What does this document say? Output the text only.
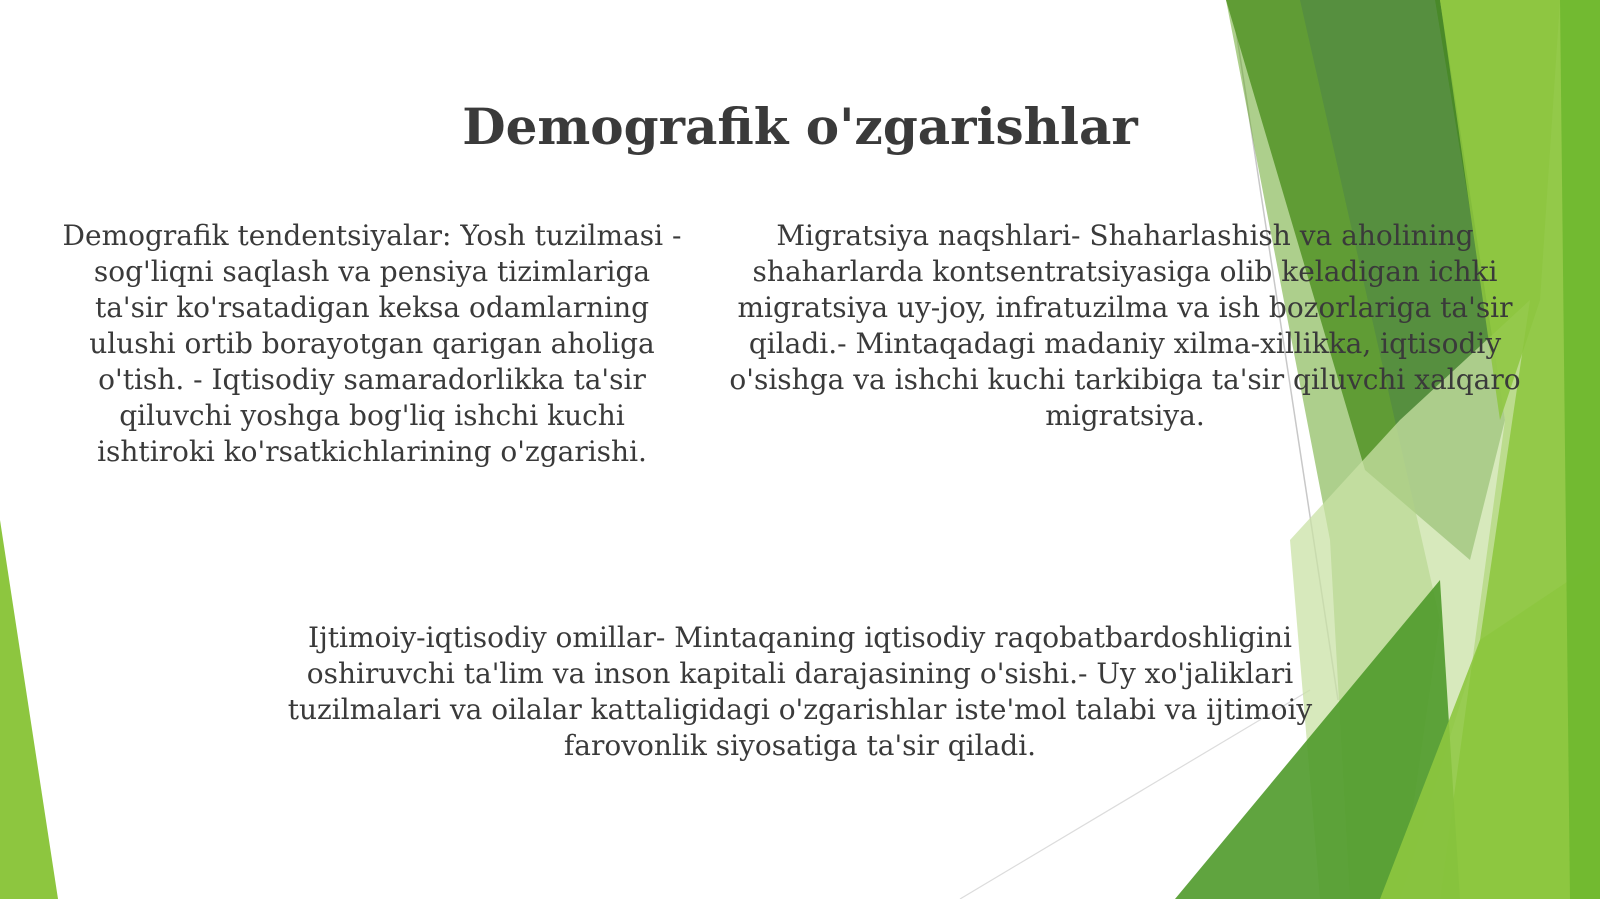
Demografik o'zgarishlar

Demografik tendentsiyalar: Yosh tuzilmasi - sog'liqni saqlash va pensiya tizimlariga ta'sir ko'rsatadigan keksa odamlarning ulushi ortib borayotgan qarigan aholiga o'tish. - Iqtisodiy samaradorlikka ta'sir qiluvchi yoshga bog'liq ishchi kuchi ishtiroki ko'rsatkichlarining o'zgarishi.

Migratsiya naqshlari- Shaharlashish va aholining shaharlarda kontsentratsiyasiga olib keladigan ichki migratsiya uy-joy, infratuzilma va ish bozorlariga ta'sir qiladi.- Mintaqadagi madaniy xilma-xillikka, iqtisodiy o'sishga va ishchi kuchi tarkibiga ta'sir qiluvchi xalqaro migratsiya.

Ijtimoiy-iqtisodiy omillar- Mintaqaning iqtisodiy raqobatbardoshligini oshiruvchi ta'lim va inson kapitali darajasining o'sishi.- Uy xo'jaliklari tuzilmalari va oilalar kattaligidagi o'zgarishlar iste'mol talabi va ijtimoiy farovonlik siyosatiga ta'sir qiladi.
